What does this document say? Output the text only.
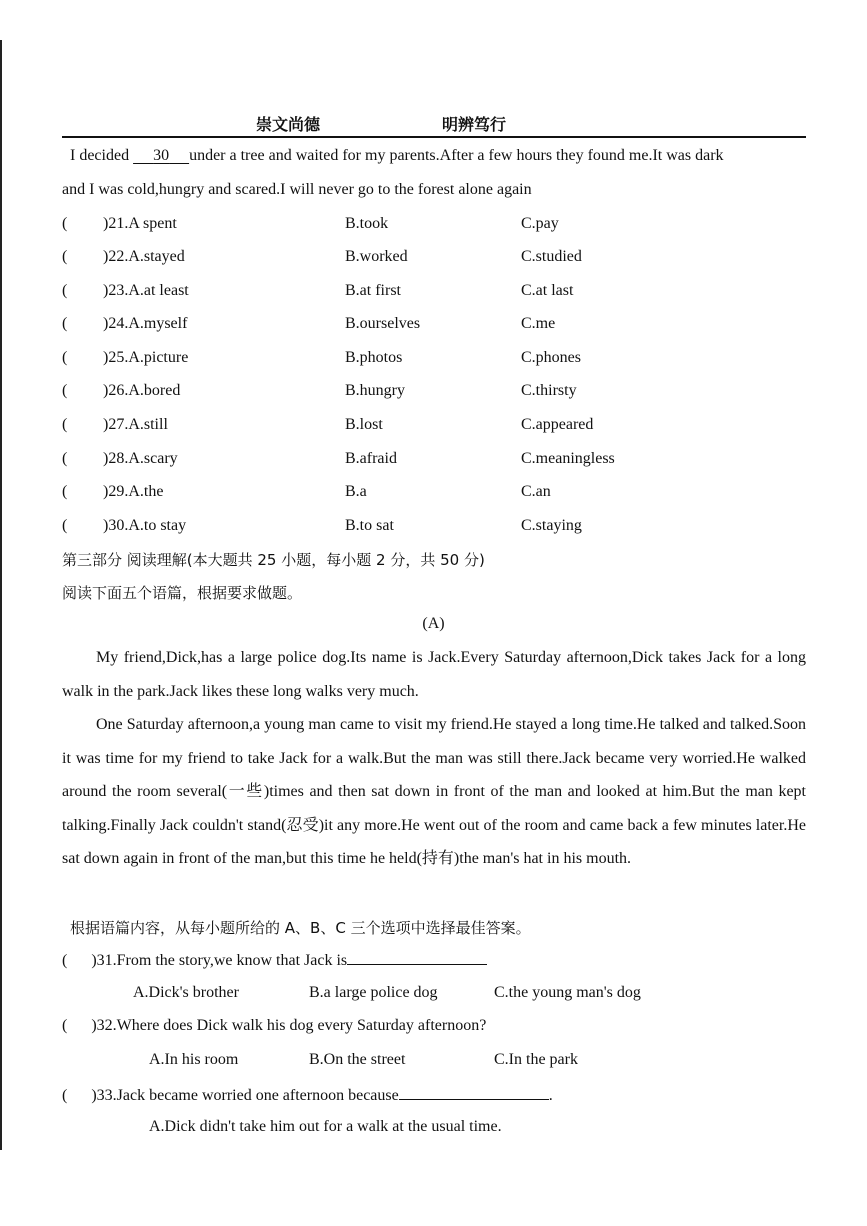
崇文尚德	明辨笃行
I decided 30 under a tree and waited for my parents.After a few hours they found me.It was dark
and I was cold,hungry and scared.I will never go to the forest alone again
( )21.A spent	B.took	C.pay
( )22.A.stayed	B.worked	C.studied
( )23.A.at least	B.at first	C.at last
( )24.A.myself	B.ourselves	C.me
( )25.A.picture	B.photos	C.phones
( )26.A.bored	B.hungry	C.thirsty
( )27.A.still	B.lost	C.appeared
( )28.A.scary	B.afraid	C.meaningless
( )29.A.the	B.a	C.an
( )30.A.to stay	B.to sat	C.staying
第三部分 阅读理解(本大题共 25 小题，每小题 2 分，共 50 分)
阅读下面五个语篇，根据要求做题。
(A)

My friend,Dick,has a large police dog.Its name is Jack.Every Saturday afternoon,Dick takes Jack for a long walk in the park.Jack likes these long walks very much.

One Saturday afternoon,a young man came to visit my friend.He stayed a long time.He talked and talked.Soon it was time for my friend to take Jack for a walk.But the man was still there.Jack became very worried.He walked around the room several(一些)times and then sat down in front of the man and looked at him.But the man kept talking.Finally Jack couldn't stand(忍受)it any more.He went out of the room and came back a few minutes later.He sat down again in front of the man,but this time he held(持有)the man's hat in his mouth.

根据语篇内容，从每小题所给的 A、B、C 三个选项中选择最佳答案。
( )31.From the story,we know that Jack is
A.Dick's brother	B.a large police dog	C.the young man's dog
( )32.Where does Dick walk his dog every Saturday afternoon?
A.In his room	B.On the street	C.In the park
( )33.Jack became worried one afternoon because	.
A.Dick didn't take him out for a walk at the usual time.
